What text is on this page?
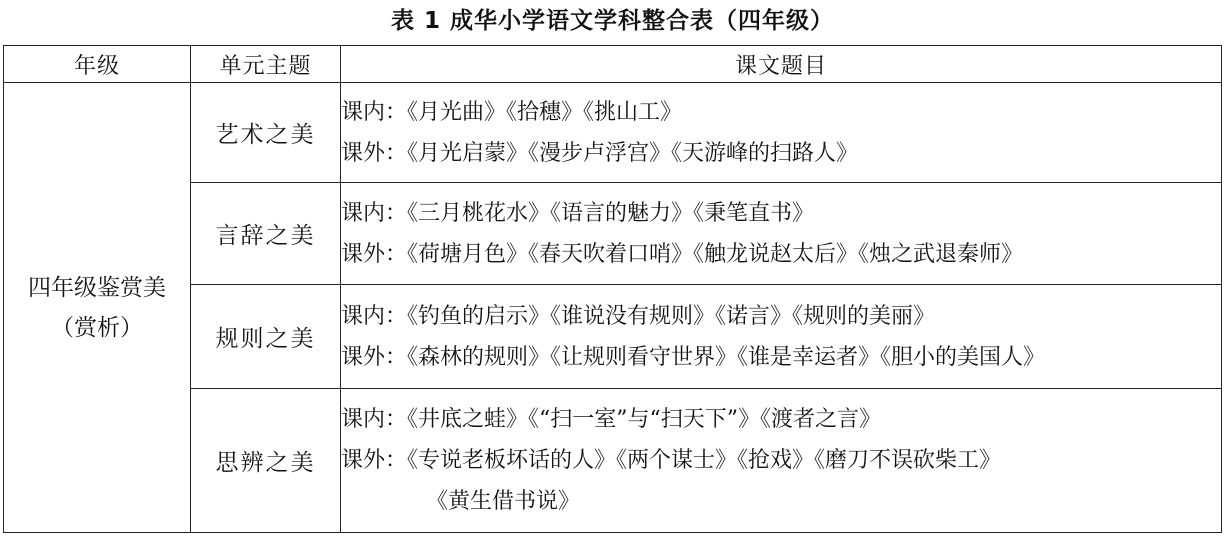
表 1 成华小学语文学科整合表（四年级）
年级	单元主题	课文题目

四年级鉴赏美
（赏析）	艺术之美	课内：《月光曲》《拾穗》《挑山工》
课外：《月光启蒙》《漫步卢浮宫》《天游峰的扫路人》

	言辞之美	课内：《三月桃花水》《语言的魅力》《秉笔直书》
课外：《荷塘月色》《春天吹着口哨》《触龙说赵太后》《烛之武退秦师》

	规则之美	课内：《钓鱼的启示》《谁说没有规则》《诺言》《规则的美丽》
课外：《森林的规则》《让规则看守世界》《谁是幸运者》《胆小的美国人》

	思辨之美	课内：《井底之蛙》《“扫一室”与“扫天下”》《渡者之言》
课外：《专说老板坏话的人》《两个谋士》《抢戏》《磨刀不误砍柴工》
《黄生借书说》
